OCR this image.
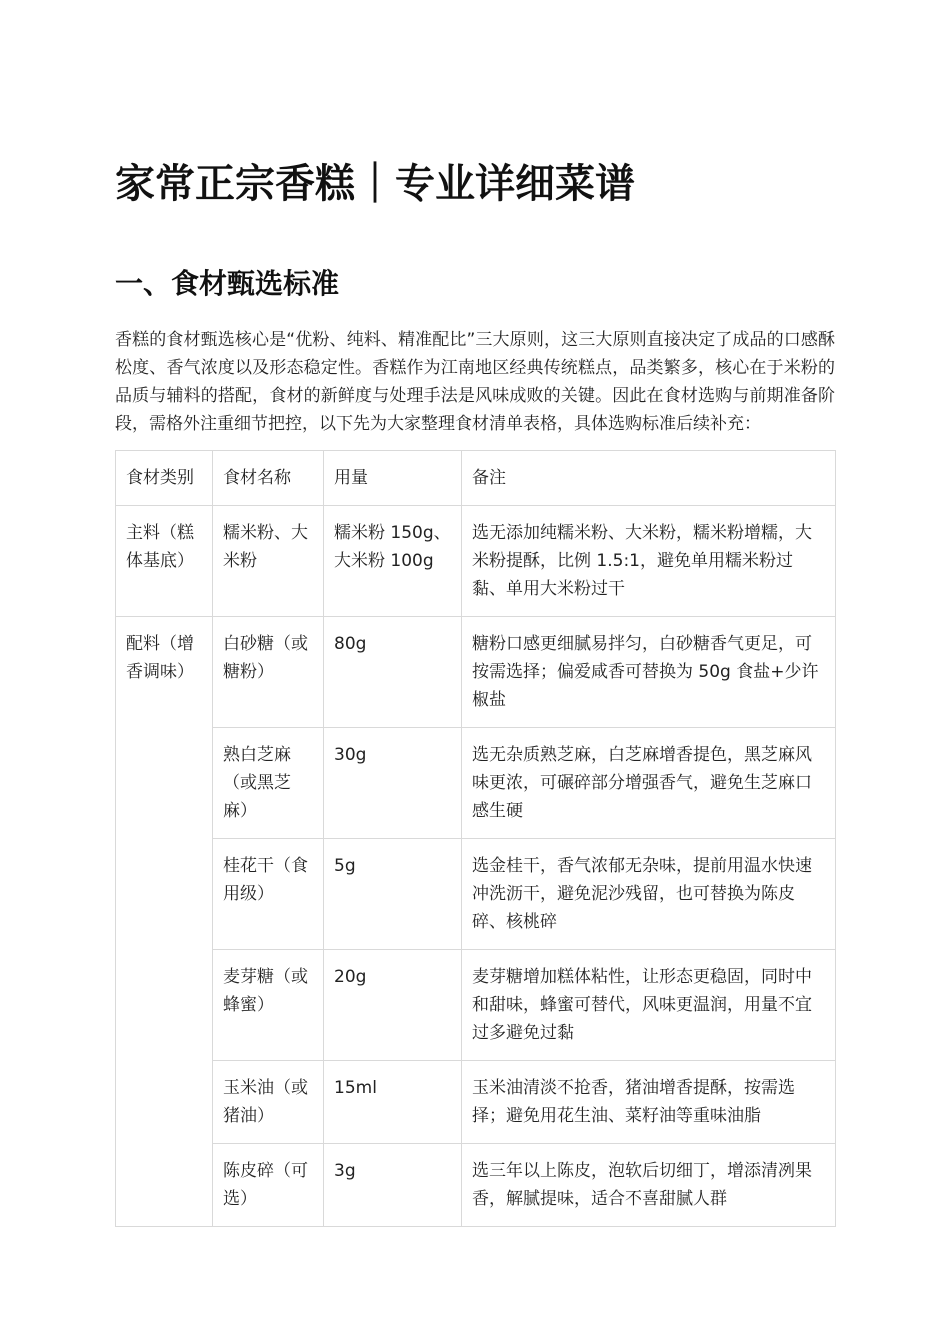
家常正宗香糕｜专业详细菜谱
一、食材甄选标准

香糕的食材甄选核心是“优粉、纯料、精准配比”三大原则，这三大原则直接决定了成品的口感酥松度、香气浓度以及形态稳定性。香糕作为江南地区经典传统糕点，品类繁多，核心在于米粉的品质与辅料的搭配，食材的新鲜度与处理手法是风味成败的关键。因此在食材选购与前期准备阶段，需格外注重细节把控，以下先为大家整理食材清单表格，具体选购标准后续补充：

食材类别	食材名称	用量	备注
主料（糕体基底）	糯米粉、大米粉	糯米粉 150g、大米粉 100g	选无添加纯糯米粉、大米粉，糯米粉增糯，大米粉提酥，比例 1.5:1，避免单用糯米粉过黏、单用大米粉过干
配料（增香调味）	白砂糖（或糖粉）	80g	糖粉口感更细腻易拌匀，白砂糖香气更足，可按需选择；偏爱咸香可替换为 50g 食盐+少许椒盐
	熟白芝麻（或黑芝麻）	30g	选无杂质熟芝麻，白芝麻增香提色，黑芝麻风味更浓，可碾碎部分增强香气，避免生芝麻口感生硬
	桂花干（食用级）	5g	选金桂干，香气浓郁无杂味，提前用温水快速冲洗沥干，避免泥沙残留，也可替换为陈皮碎、核桃碎
	麦芽糖（或蜂蜜）	20g	麦芽糖增加糕体粘性，让形态更稳固，同时中和甜味，蜂蜜可替代，风味更温润，用量不宜过多避免过黏
	玉米油（或猪油）	15ml	玉米油清淡不抢香，猪油增香提酥，按需选择；避免用花生油、菜籽油等重味油脂
	陈皮碎（可选）	3g	选三年以上陈皮，泡软后切细丁，增添清冽果香，解腻提味，适合不喜甜腻人群
